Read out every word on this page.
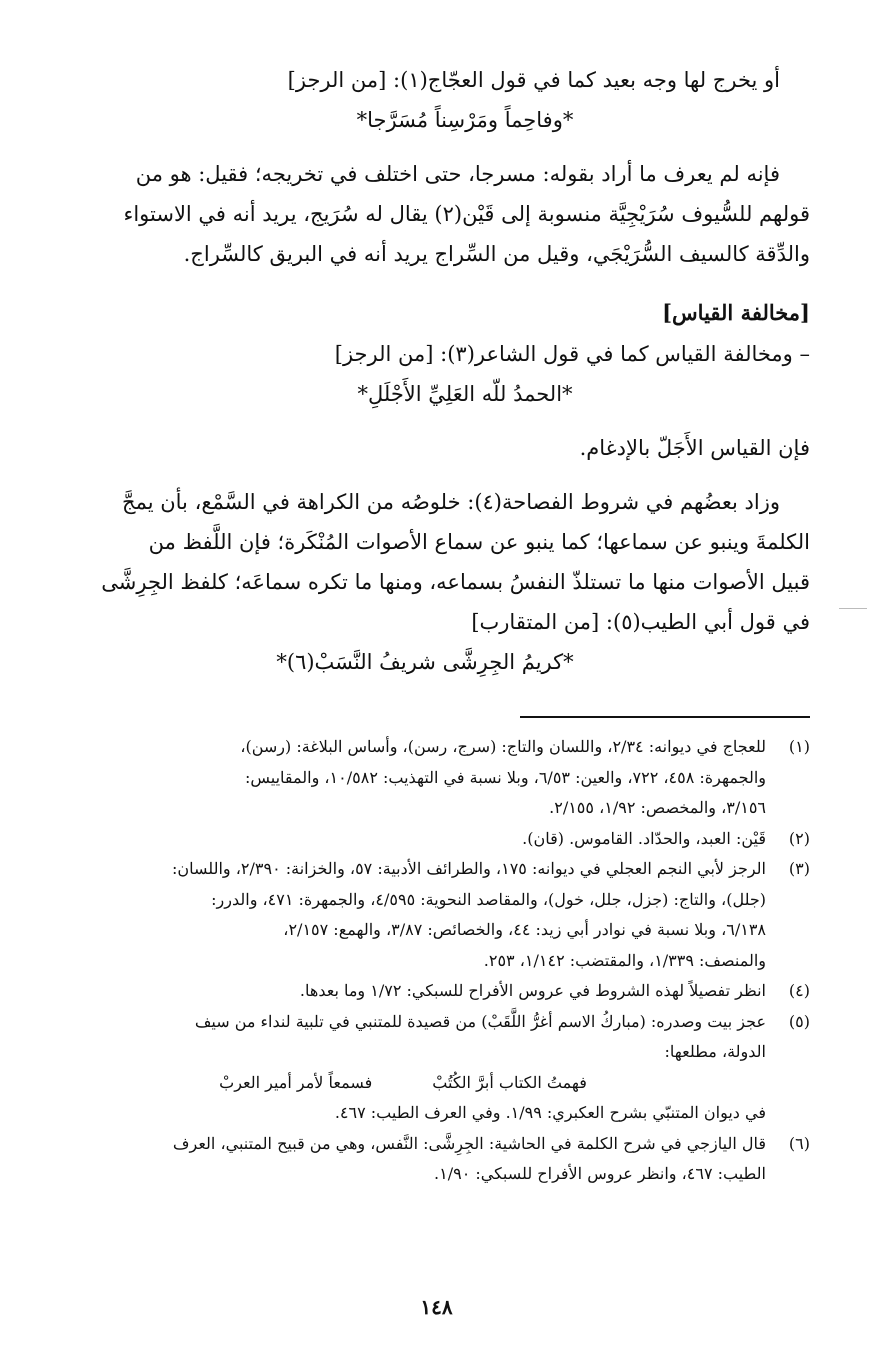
أو يخرج لها وجه بعيد كما في قول العجّاج(١): [من الرجز]
*وفاحِماً ومَرْسِناً مُسَرَّجا*
فإنه لم يعرف ما أراد بقوله: مسرجا، حتى اختلف في تخريجه؛ فقيل: هو من
قولهم للسُّيوف سُرَيْجِيَّة منسوبة إلى قَيْن(٢) يقال له سُرَيج، يريد أنه في الاستواء
والدِّقة كالسيف السُّرَيْجَي، وقيل من السِّراج يريد أنه في البريق كالسِّراج.
[مخالفة القياس]
– ومخالفة القياس كما في قول الشاعر(٣): [من الرجز]
*الحمدُ للّه العَلِيِّ الأَجْلَلِ*
فإن القياس الأَجَلّ بالإدغام.
وزاد بعضُهم في شروط الفصاحة(٤): خلوصُه من الكراهة في السَّمْع، بأن يمجَّ
الكلمةَ وينبو عن سماعها؛ كما ينبو عن سماع الأصوات المُنْكَرة؛ فإن اللَّفظ من
قبيل الأصوات منها ما تستلذّ النفسُ بسماعه، ومنها ما تكره سماعَه؛ كلفظ الجِرِشَّى
في قول أبي الطيب(٥): [من المتقارب]
*كريمُ الجِرِشَّى شريفُ النَّسَبْ(٦)*
(١)
للعجاج في ديوانه: ٢/٣٤، واللسان والتاج: (سرج، رسن)، وأساس البلاغة: (رسن)،
والجمهرة: ٤٥٨، ٧٢٢، والعين: ٦/٥٣، وبلا نسبة في التهذيب: ١٠/٥٨٢، والمقاييس:
٣/١٥٦، والمخصص: ١/٩٢، ٢/١٥٥.
(٢)
قَيْن: العبد، والحدّاد. القاموس. (قان).
(٣)
الرجز لأبي النجم العجلي في ديوانه: ١٧٥، والطرائف الأدبية: ٥٧، والخزانة: ٢/٣٩٠، واللسان:
(جلل)، والتاج: (جزل، جلل، خول)، والمقاصد النحوية: ٤/٥٩٥، والجمهرة: ٤٧١، والدرر:
٦/١٣٨، وبلا نسبة في نوادر أبي زيد: ٤٤، والخصائص: ٣/٨٧، والهمع: ٢/١٥٧،
والمنصف: ١/٣٣٩، والمقتضب: ١/١٤٢، ٢٥٣.
(٤)
انظر تفصيلاً لهذه الشروط في عروس الأفراح للسبكي: ١/٧٢ وما بعدها.
(٥)
عجز بيت وصدره: (مباركُ الاسم أغرُّ اللَّقَبْ) من قصيدة للمتنبي في تلبية لنداء من سيف
الدولة، مطلعها:
فهمتُ الكتاب أبرَّ الكُتُبْ
فسمعاً لأمر أمير العربْ
في ديوان المتنبّي بشرح العكبري: ١/٩٩. وفي العرف الطيب: ٤٦٧.
(٦)
قال اليازجي في شرح الكلمة في الحاشية: الجِرِشَّى: النَّفس، وهي من قبيح المتنبي، العرف
الطيب: ٤٦٧، وانظر عروس الأفراح للسبكي: ١/٩٠.
١٤٨
